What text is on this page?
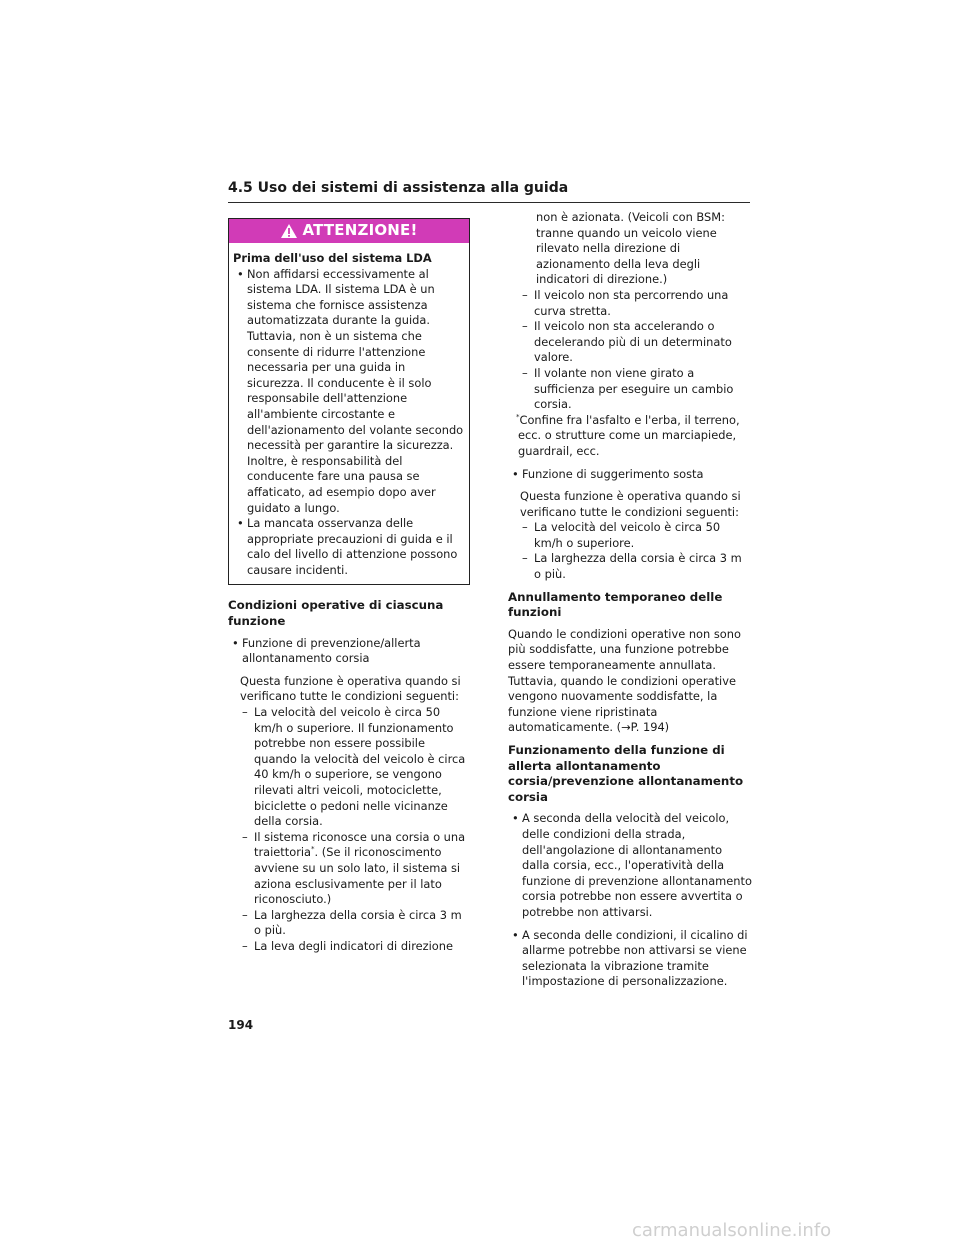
4.5 Uso dei sistemi di assistenza alla guida
ATTENZIONE!

Prima dell'uso del sistema LDA

• Non affidarsi eccessivamente al sistema LDA. Il sistema LDA è un sistema che fornisce assistenza automatizzata durante la guida. Tuttavia, non è un sistema che consente di ridurre l'attenzione necessaria per una guida in sicurezza. Il conducente è il solo responsabile dell'attenzione all'ambiente circostante e dell'azionamento del volante secondo necessità per garantire la sicurezza. Inoltre, è responsabilità del conducente fare una pausa se affaticato, ad esempio dopo aver guidato a lungo.

• La mancata osservanza delle appropriate precauzioni di guida e il calo del livello di attenzione possono causare incidenti.

Condizioni operative di ciascuna funzione

• Funzione di prevenzione/allerta allontanamento corsia

Questa funzione è operativa quando si verificano tutte le condizioni seguenti:

– La velocità del veicolo è circa 50 km/h o superiore. Il funzionamento potrebbe non essere possibile quando la velocità del veicolo è circa 40 km/h o superiore, se vengono rilevati altri veicoli, motociclette, biciclette o pedoni nelle vicinanze della corsia.

– Il sistema riconosce una corsia o una traiettoria*. (Se il riconoscimento avviene su un solo lato, il sistema si aziona esclusivamente per il lato riconosciuto.)

– La larghezza della corsia è circa 3 m o più.

– La leva degli indicatori di direzione

non è azionata. (Veicoli con BSM: tranne quando un veicolo viene rilevato nella direzione di azionamento della leva degli indicatori di direzione.)

– Il veicolo non sta percorrendo una curva stretta.

– Il veicolo non sta accelerando o decelerando più di un determinato valore.

– Il volante non viene girato a sufficienza per eseguire un cambio corsia.

*Confine fra l'asfalto e l'erba, il terreno, ecc. o strutture come un marciapiede, guardrail, ecc.

• Funzione di suggerimento sosta

Questa funzione è operativa quando si verificano tutte le condizioni seguenti:

– La velocità del veicolo è circa 50 km/h o superiore.

– La larghezza della corsia è circa 3 m o più.

Annullamento temporaneo delle funzioni

Quando le condizioni operative non sono più soddisfatte, una funzione potrebbe essere temporaneamente annullata. Tuttavia, quando le condizioni operative vengono nuovamente soddisfatte, la funzione viene ripristinata automaticamente. (→P. 194)

Funzionamento della funzione di allerta allontanamento corsia/prevenzione allontanamento corsia

• A seconda della velocità del veicolo, delle condizioni della strada, dell'angolazione di allontanamento dalla corsia, ecc., l'operatività della funzione di prevenzione allontanamento corsia potrebbe non essere avvertita o potrebbe non attivarsi.

• A seconda delle condizioni, il cicalino di allarme potrebbe non attivarsi se viene selezionata la vibrazione tramite l'impostazione di personalizzazione.

194
carmanualsonline.info
